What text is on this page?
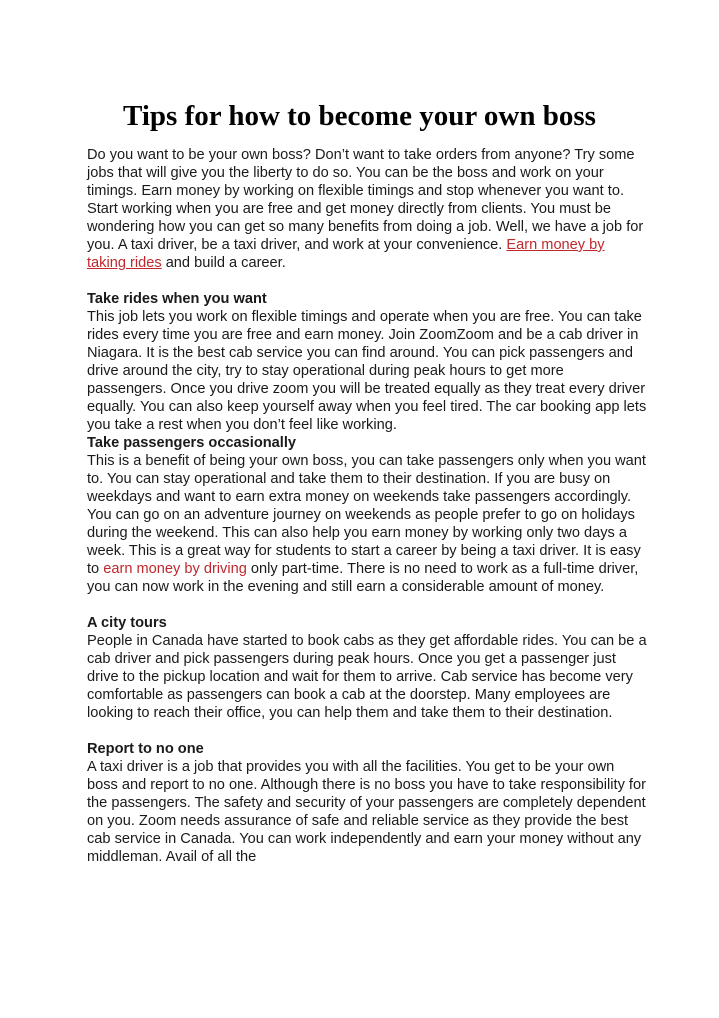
Tips for how to become your own boss

Do you want to be your own boss? Don’t want to take orders from anyone? Try some jobs that will give you the liberty to do so. You can be the boss and work on your timings. Earn money by working on flexible timings and stop whenever you want to. Start working when you are free and get money directly from clients. You must be wondering how you can get so many benefits from doing a job. Well, we have a job for you. A taxi driver, be a taxi driver, and work at your convenience. Earn money by taking rides and build a career.

Take rides when you want

This job lets you work on flexible timings and operate when you are free. You can take rides every time you are free and earn money. Join ZoomZoom and be a cab driver in Niagara. It is the best cab service you can find around. You can pick passengers and drive around the city, try to stay operational during peak hours to get more passengers. Once you drive zoom you will be treated equally as they treat every driver equally. You can also keep yourself away when you feel tired. The car booking app lets you take a rest when you don’t feel like working.

Take passengers occasionally

This is a benefit of being your own boss, you can take passengers only when you want to. You can stay operational and take them to their destination. If you are busy on weekdays and want to earn extra money on weekends take passengers accordingly. You can go on an adventure journey on weekends as people prefer to go on holidays during the weekend. This can also help you earn money by working only two days a week. This is a great way for students to start a career by being a taxi driver. It is easy to earn money by driving only part-time. There is no need to work as a full-time driver, you can now work in the evening and still earn a considerable amount of money.

A city tours

People in Canada have started to book cabs as they get affordable rides. You can be a cab driver and pick passengers during peak hours. Once you get a passenger just drive to the pickup location and wait for them to arrive. Cab service has become very comfortable as passengers can book a cab at the doorstep. Many employees are looking to reach their office, you can help them and take them to their destination.

Report to no one

A taxi driver is a job that provides you with all the facilities. You get to be your own boss and report to no one. Although there is no boss you have to take responsibility for the passengers. The safety and security of your passengers are completely dependent on you. Zoom needs assurance of safe and reliable service as they provide the best cab service in Canada. You can work independently and earn your money without any middleman. Avail of all the
